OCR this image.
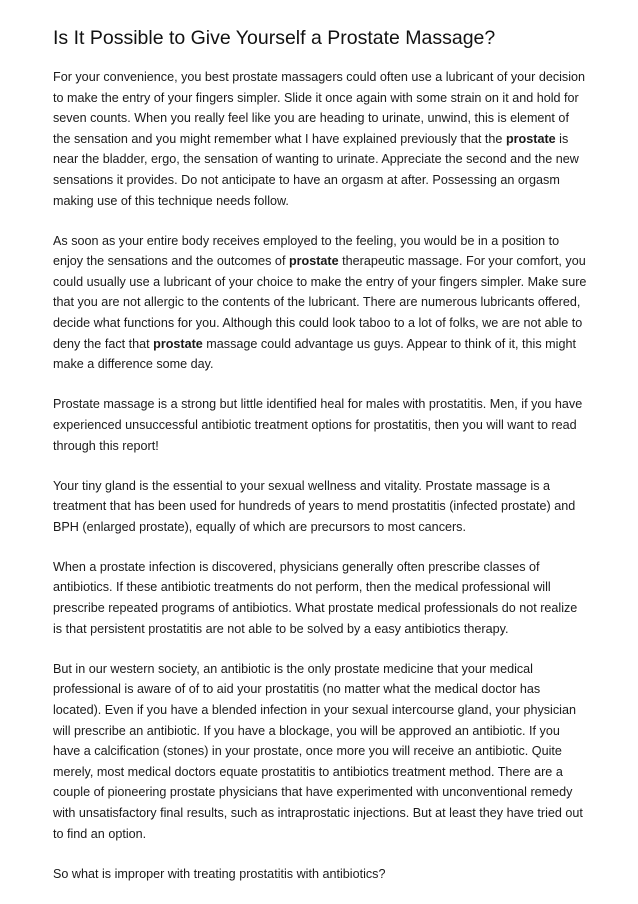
Is It Possible to Give Yourself a Prostate Massage?

For your convenience, you best prostate massagers could often use a lubricant of your decision to make the entry of your fingers simpler. Slide it once again with some strain on it and hold for seven counts. When you really feel like you are heading to urinate, unwind, this is element of the sensation and you might remember what I have explained previously that the prostate is near the bladder, ergo, the sensation of wanting to urinate. Appreciate the second and the new sensations it provides. Do not anticipate to have an orgasm at after. Possessing an orgasm making use of this technique needs follow.

As soon as your entire body receives employed to the feeling, you would be in a position to enjoy the sensations and the outcomes of prostate therapeutic massage. For your comfort, you could usually use a lubricant of your choice to make the entry of your fingers simpler. Make sure that you are not allergic to the contents of the lubricant. There are numerous lubricants offered, decide what functions for you. Although this could look taboo to a lot of folks, we are not able to deny the fact that prostate massage could advantage us guys. Appear to think of it, this might make a difference some day.

Prostate massage is a strong but little identified heal for males with prostatitis. Men, if you have experienced unsuccessful antibiotic treatment options for prostatitis, then you will want to read through this report!

Your tiny gland is the essential to your sexual wellness and vitality. Prostate massage is a treatment that has been used for hundreds of years to mend prostatitis (infected prostate) and BPH (enlarged prostate), equally of which are precursors to most cancers.

When a prostate infection is discovered, physicians generally often prescribe classes of antibiotics. If these antibiotic treatments do not perform, then the medical professional will prescribe repeated programs of antibiotics. What prostate medical professionals do not realize is that persistent prostatitis are not able to be solved by a easy antibiotics therapy.

But in our western society, an antibiotic is the only prostate medicine that your medical professional is aware of of to aid your prostatitis (no matter what the medical doctor has located). Even if you have a blended infection in your sexual intercourse gland, your physician will prescribe an antibiotic. If you have a blockage, you will be approved an antibiotic. If you have a calcification (stones) in your prostate, once more you will receive an antibiotic. Quite merely, most medical doctors equate prostatitis to antibiotics treatment method. There are a couple of pioneering prostate physicians that have experimented with unconventional remedy with unsatisfactory final results, such as intraprostatic injections. But at least they have tried out to find an option.

So what is improper with treating prostatitis with antibiotics?
